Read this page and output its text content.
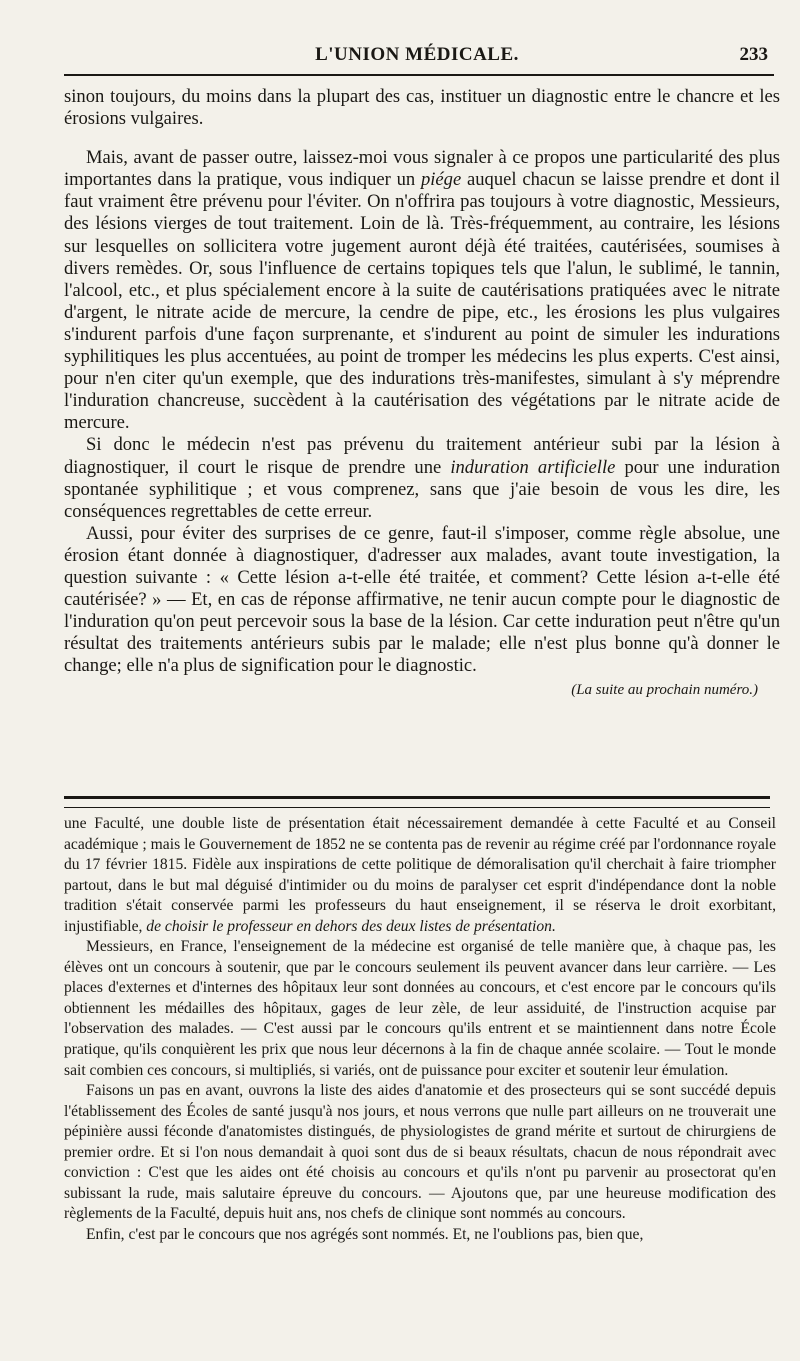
L'UNION MÉDICALE.	233

sinon toujours, du moins dans la plupart des cas, instituer un diagnostic entre le chancre et les érosions vulgaires.

Mais, avant de passer outre, laissez-moi vous signaler à ce propos une particularité des plus importantes dans la pratique, vous indiquer un piége auquel chacun se laisse prendre et dont il faut vraiment être prévenu pour l'éviter. On n'offrira pas toujours à votre diagnostic, Messieurs, des lésions vierges de tout traitement. Loin de là. Très-fréquemment, au contraire, les lésions sur lesquelles on sollicitera votre jugement auront déjà été traitées, cautérisées, soumises à divers remèdes. Or, sous l'influence de certains topiques tels que l'alun, le sublimé, le tannin, l'alcool, etc., et plus spécialement encore à la suite de cautérisations pratiquées avec le nitrate d'argent, le nitrate acide de mercure, la cendre de pipe, etc., les érosions les plus vulgaires s'indurent parfois d'une façon surprenante, et s'indurent au point de simuler les indurations syphilitiques les plus accentuées, au point de tromper les médecins les plus experts. C'est ainsi, pour n'en citer qu'un exemple, que des indurations très-manifestes, simulant à s'y méprendre l'induration chancreuse, succèdent à la cautérisation des végétations par le nitrate acide de mercure.

Si donc le médecin n'est pas prévenu du traitement antérieur subi par la lésion à diagnostiquer, il court le risque de prendre une induration artificielle pour une induration spontanée syphilitique ; et vous comprenez, sans que j'aie besoin de vous les dire, les conséquences regrettables de cette erreur.

Aussi, pour éviter des surprises de ce genre, faut-il s'imposer, comme règle absolue, une érosion étant donnée à diagnostiquer, d'adresser aux malades, avant toute investigation, la question suivante : « Cette lésion a-t-elle été traitée, et comment? Cette lésion a-t-elle été cautérisée? » — Et, en cas de réponse affirmative, ne tenir aucun compte pour le diagnostic de l'induration qu'on peut percevoir sous la base de la lésion. Car cette induration peut n'être qu'un résultat des traitements antérieurs subis par le malade; elle n'est plus bonne qu'à donner le change; elle n'a plus de signification pour le diagnostic.

(La suite au prochain numéro.)

une Faculté, une double liste de présentation était nécessairement demandée à cette Faculté et au Conseil académique ; mais le Gouvernement de 1852 ne se contenta pas de revenir au régime créé par l'ordonnance royale du 17 février 1815. Fidèle aux inspirations de cette politique de démoralisation qu'il cherchait à faire triompher partout, dans le but mal déguisé d'intimider ou du moins de paralyser cet esprit d'indépendance dont la noble tradition s'était conservée parmi les professeurs du haut enseignement, il se réserva le droit exorbitant, injustifiable, de choisir le professeur en dehors des deux listes de présentation.

Messieurs, en France, l'enseignement de la médecine est organisé de telle manière que, à chaque pas, les élèves ont un concours à soutenir, que par le concours seulement ils peuvent avancer dans leur carrière. — Les places d'externes et d'internes des hôpitaux leur sont données au concours, et c'est encore par le concours qu'ils obtiennent les médailles des hôpitaux, gages de leur zèle, de leur assiduité, de l'instruction acquise par l'observation des malades. — C'est aussi par le concours qu'ils entrent et se maintiennent dans notre École pratique, qu'ils conquièrent les prix que nous leur décernons à la fin de chaque année scolaire. — Tout le monde sait combien ces concours, si multipliés, si variés, ont de puissance pour exciter et soutenir leur émulation.

Faisons un pas en avant, ouvrons la liste des aides d'anatomie et des prosecteurs qui se sont succédé depuis l'établissement des Écoles de santé jusqu'à nos jours, et nous verrons que nulle part ailleurs on ne trouverait une pépinière aussi féconde d'anatomistes distingués, de physiologistes de grand mérite et surtout de chirurgiens de premier ordre. Et si l'on nous demandait à quoi sont dus de si beaux résultats, chacun de nous répondrait avec conviction : C'est que les aides ont été choisis au concours et qu'ils n'ont pu parvenir au prosectorat qu'en subissant la rude, mais salutaire épreuve du concours. — Ajoutons que, par une heureuse modification des règlements de la Faculté, depuis huit ans, nos chefs de clinique sont nommés au concours.

Enfin, c'est par le concours que nos agrégés sont nommés. Et, ne l'oublions pas, bien que,
